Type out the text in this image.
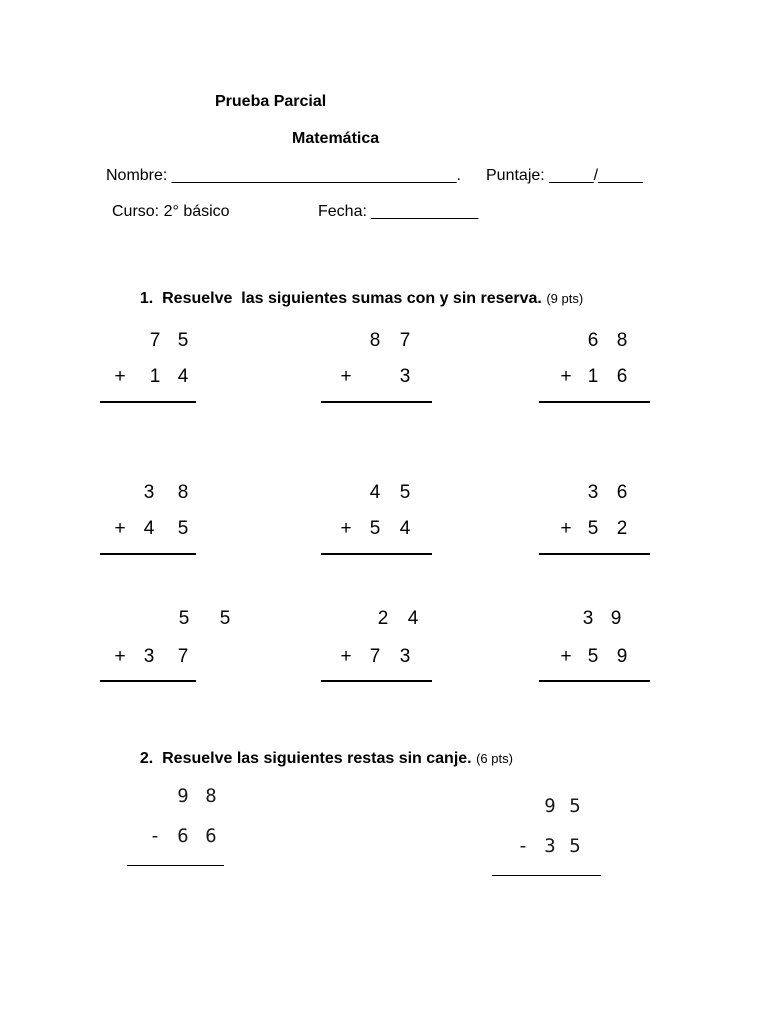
Prueba Parcial
Matemática
Nombre: ________________________________. Puntaje: _____/_____
Curso: 2° básico	Fecha: ____________

1. Resuelve  las siguientes sumas con y sin reserva. (9 pts)

7 5
+ 1 4
8 7
+	3
6 8
+ 1 6
3 8
+ 4 5
4 5
+ 5 4
3 6
+ 5 2
5 5
+ 3 7
2 4
+ 7 3
3 9
+ 5 9

2. Resuelve las siguientes restas sin canje. (6 pts)

9 8
- 6 6
9 5
- 3 5
